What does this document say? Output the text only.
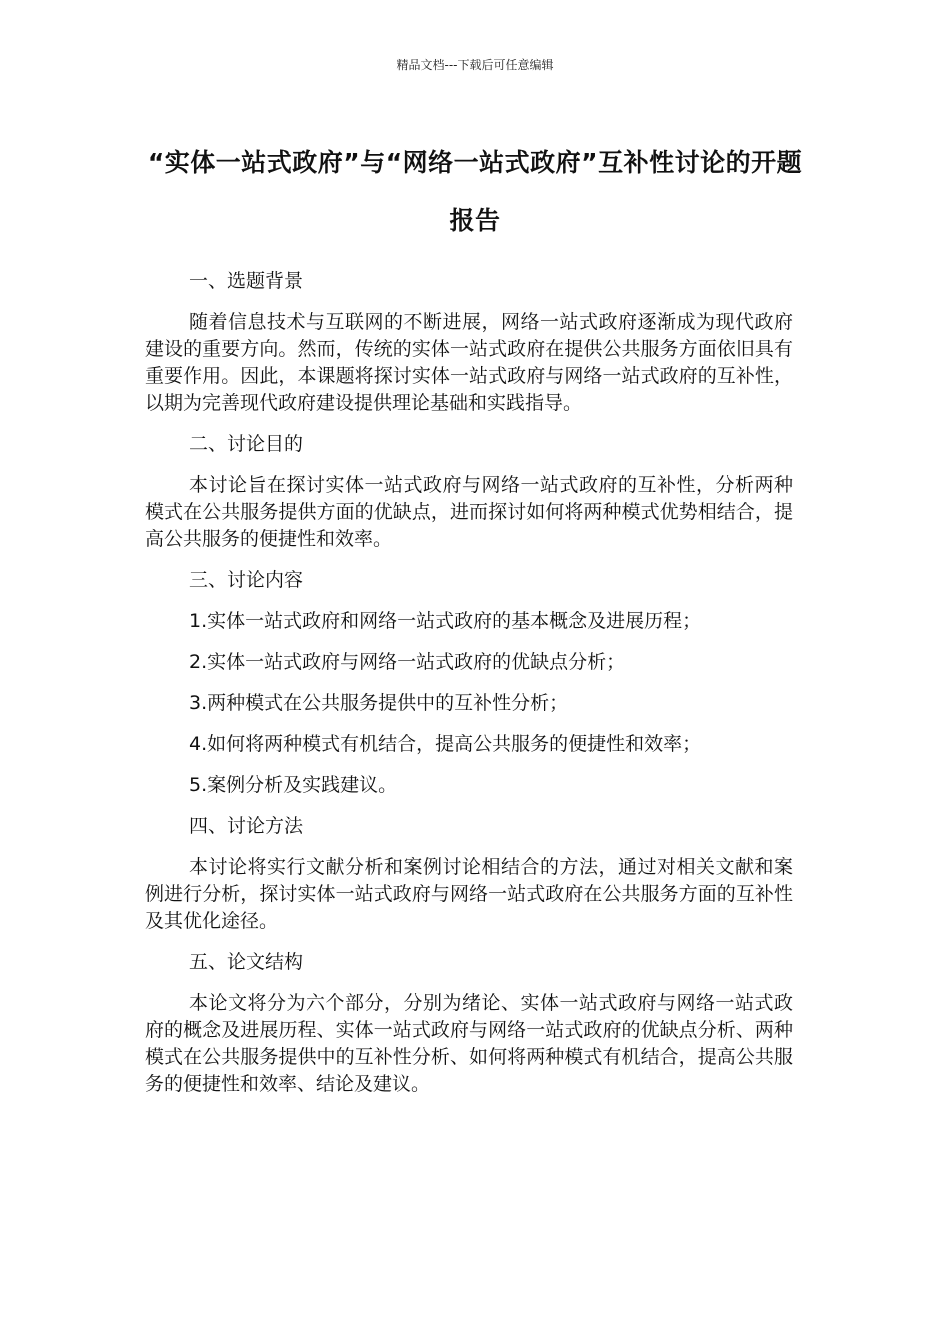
精品文档---下载后可任意编辑
“实体一站式政府”与“网络一站式政府”互补性讨论的开题报告

一、选题背景

随着信息技术与互联网的不断进展，网络一站式政府逐渐成为现代政府建设的重要方向。然而，传统的实体一站式政府在提供公共服务方面依旧具有重要作用。因此，本课题将探讨实体一站式政府与网络一站式政府的互补性，以期为完善现代政府建设提供理论基础和实践指导。

二、讨论目的

本讨论旨在探讨实体一站式政府与网络一站式政府的互补性，分析两种模式在公共服务提供方面的优缺点，进而探讨如何将两种模式优势相结合，提高公共服务的便捷性和效率。

三、讨论内容

1.实体一站式政府和网络一站式政府的基本概念及进展历程；

2.实体一站式政府与网络一站式政府的优缺点分析；

3.两种模式在公共服务提供中的互补性分析；

4.如何将两种模式有机结合，提高公共服务的便捷性和效率；

5.案例分析及实践建议。

四、讨论方法

本讨论将实行文献分析和案例讨论相结合的方法，通过对相关文献和案例进行分析，探讨实体一站式政府与网络一站式政府在公共服务方面的互补性及其优化途径。

五、论文结构

本论文将分为六个部分，分别为绪论、实体一站式政府与网络一站式政府的概念及进展历程、实体一站式政府与网络一站式政府的优缺点分析、两种模式在公共服务提供中的互补性分析、如何将两种模式有机结合，提高公共服务的便捷性和效率、结论及建议。
